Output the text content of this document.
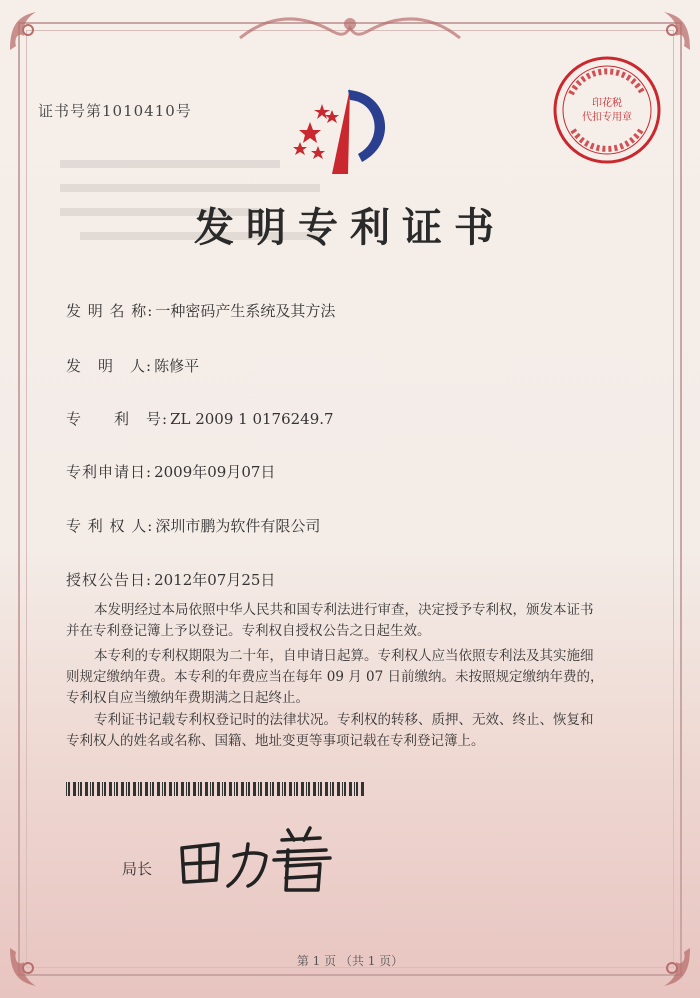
证书号第1010410号	印花税
代扣专用章
发明专利证书
发 明 名 称: 一种密码产生系统及其方法
发　明　人: 陈修平
专　　利　号: ZL 2009 1 0176249.7
专利申请日: 2009年09月07日
专 利 权 人: 深圳市鹏为软件有限公司
授权公告日: 2012年07月25日

本发明经过本局依照中华人民共和国专利法进行审查，决定授予专利权，颁发本证书

并在专利登记簿上予以登记。专利权自授权公告之日起生效。

本专利的专利权期限为二十年，自申请日起算。专利权人应当依照专利法及其实施细

则规定缴纳年费。本专利的年费应当在每年 09 月 07 日前缴纳。未按照规定缴纳年费的，

专利权自应当缴纳年费期满之日起终止。

专利证书记载专利权登记时的法律状况。专利权的转移、质押、无效、终止、恢复和

专利权人的姓名或名称、国籍、地址变更等事项记载在专利登记簿上。

局长
第 1 页 （共 1 页）
